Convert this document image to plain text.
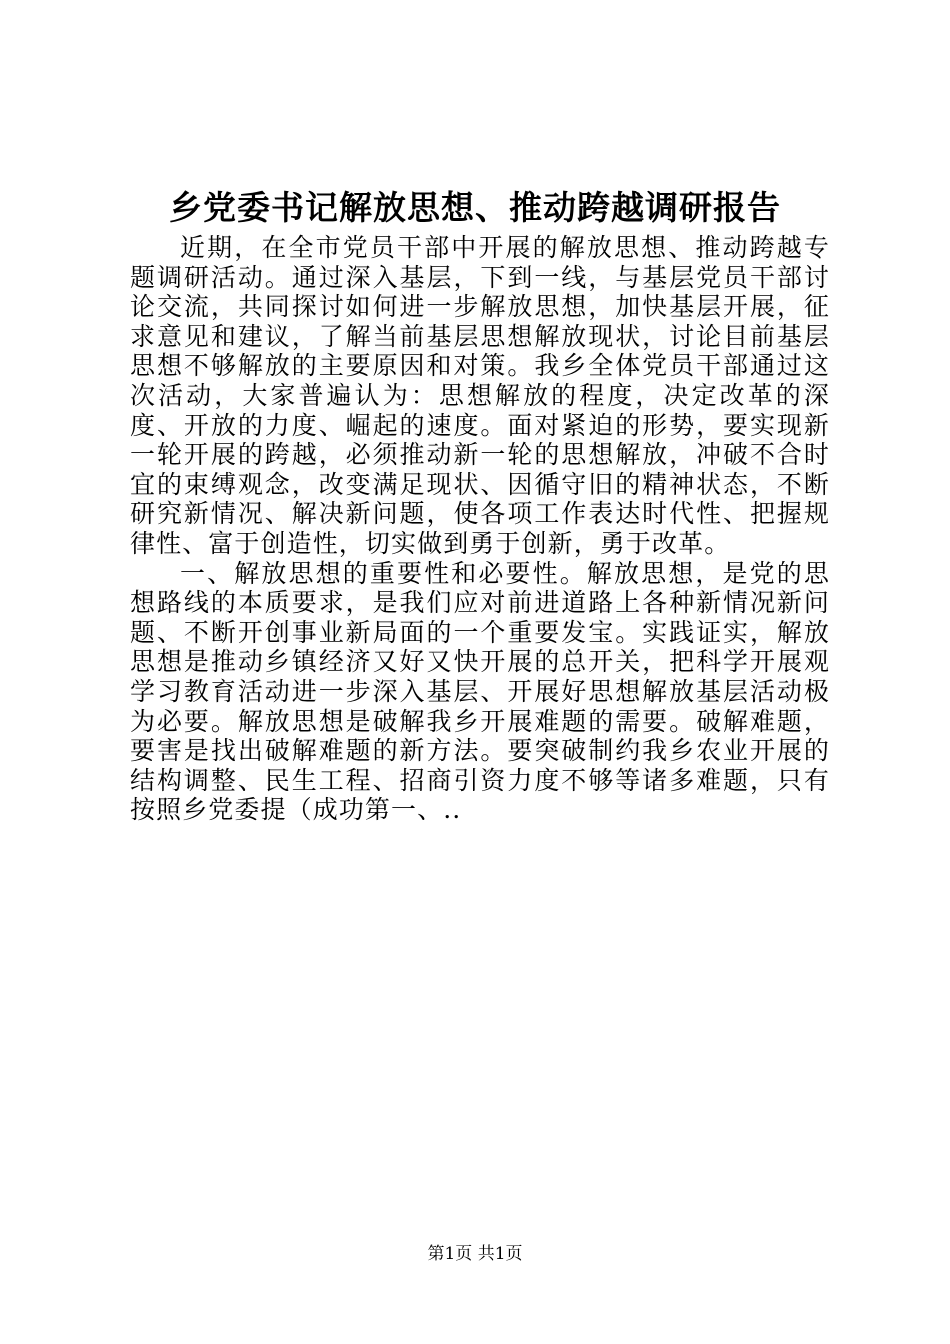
乡党委书记解放思想、推动跨越调研报告

近期，在全市党员干部中开展的解放思想、推动跨越专题调研活动。通过深入基层，下到一线，与基层党员干部讨论交流，共同探讨如何进一步解放思想，加快基层开展，征求意见和建议，了解当前基层思想解放现状，讨论目前基层思想不够解放的主要原因和对策。我乡全体党员干部通过这次活动，大家普遍认为：思想解放的程度，决定改革的深度、开放的力度、崛起的速度。面对紧迫的形势，要实现新一轮开展的跨越，必须推动新一轮的思想解放，冲破不合时宜的束缚观念，改变满足现状、因循守旧的精神状态，不断研究新情况、解决新问题，使各项工作表达时代性、把握规律性、富于创造性，切实做到勇于创新，勇于改革。

一、解放思想的重要性和必要性。解放思想，是党的思想路线的本质要求，是我们应对前进道路上各种新情况新问题、不断开创事业新局面的一个重要发宝。实践证实，解放思想是推动乡镇经济又好又快开展的总开关，把科学开展观学习教育活动进一步深入基层、开展好思想解放基层活动极为必要。解放思想是破解我乡开展难题的需要。破解难题，要害是找出破解难题的新方法。要突破制约我乡农业开展的结构调整、民生工程、招商引资力度不够等诸多难题，只有按照乡党委提（成功第一、..

第1页 共1页
